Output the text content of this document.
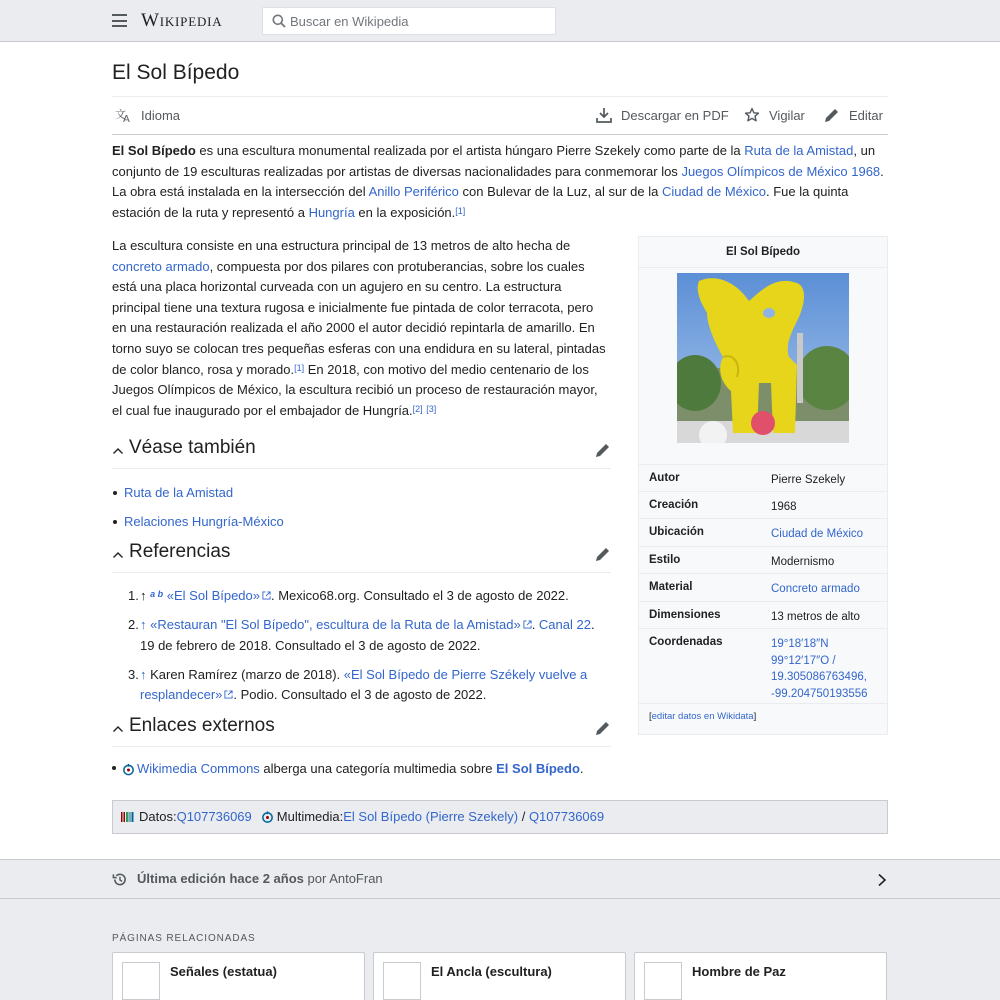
Wikipedia
Buscar en Wikipedia
El Sol Bípedo
文
A Idioma	Descargar en PDF	Vigilar	Editar

El Sol Bípedo es una escultura monumental realizada por el artista húngaro Pierre Szekely como parte de la Ruta de la Amistad, un conjunto de 19 esculturas realizadas por artistas de diversas nacionalidades para conmemorar los Juegos Olímpicos de México 1968. La obra está instalada en la intersección del Anillo Periférico con Bulevar de la Luz, al sur de la Ciudad de México. Fue la quinta estación de la ruta y representó a Hungría en la exposición.[1]

La escultura consiste en una estructura principal de 13 metros de alto hecha de concreto armado, compuesta por dos pilares con protuberancias, sobre los cuales está una placa horizontal curveada con un agujero en su centro. La estructura principal tiene una textura rugosa e inicialmente fue pintada de color terracota, pero en una restauración realizada el año 2000 el autor decidió repintarla de amarillo. En torno suyo se colocan tres pequeñas esferas con una endidura en su lateral, pintadas de color blanco, rosa y morado.[1] En 2018, con motivo del medio centenario de los Juegos Olímpicos de México, la escultura recibió un proceso de restauración mayor, el cual fue inaugurado por el embajador de Hungría.[2] [3]

Véase también
Ruta de la Amistad
Relaciones Hungría-México
Referencias
1. ↑ $^{a b}$ «El Sol Bípedo» . Mexico68.org. Consultado el 3 de agosto de 2022.
2. ↑ «Restauran "El Sol Bípedo", escultura de la Ruta de la Amistad» . Canal 22. 19 de febrero de 2018. Consultado el 3 de agosto de 2022.
3. ↑ Karen Ramírez (marzo de 2018). «El Sol Bípedo de Pierre Székely vuelve a resplandecer» . Podio. Consultado el 3 de agosto de 2022.
Enlaces externos
Wikimedia Commons alberga una categoría multimedia sobre El Sol Bípedo.
El Sol Bípedo
Autor	Pierre Szekely
Creación	1968
Ubicación	Ciudad de México
Estilo	Modernismo
Material	Concreto armado
Dimensiones	13 metros de alto
Coordenadas	19°18′18″N
99°12′17″O /
19.305086763496,
-99.204750193556
[editar datos en Wikidata]
Datos: Q107736069 Multimedia: El Sol Bípedo (Pierre Szekely) / Q107736069
Última edición hace 2 años por AntoFran
PÁGINAS RELACIONADAS
Señales (estatua)	El Ancla (escultura)	Hombre de Paz
